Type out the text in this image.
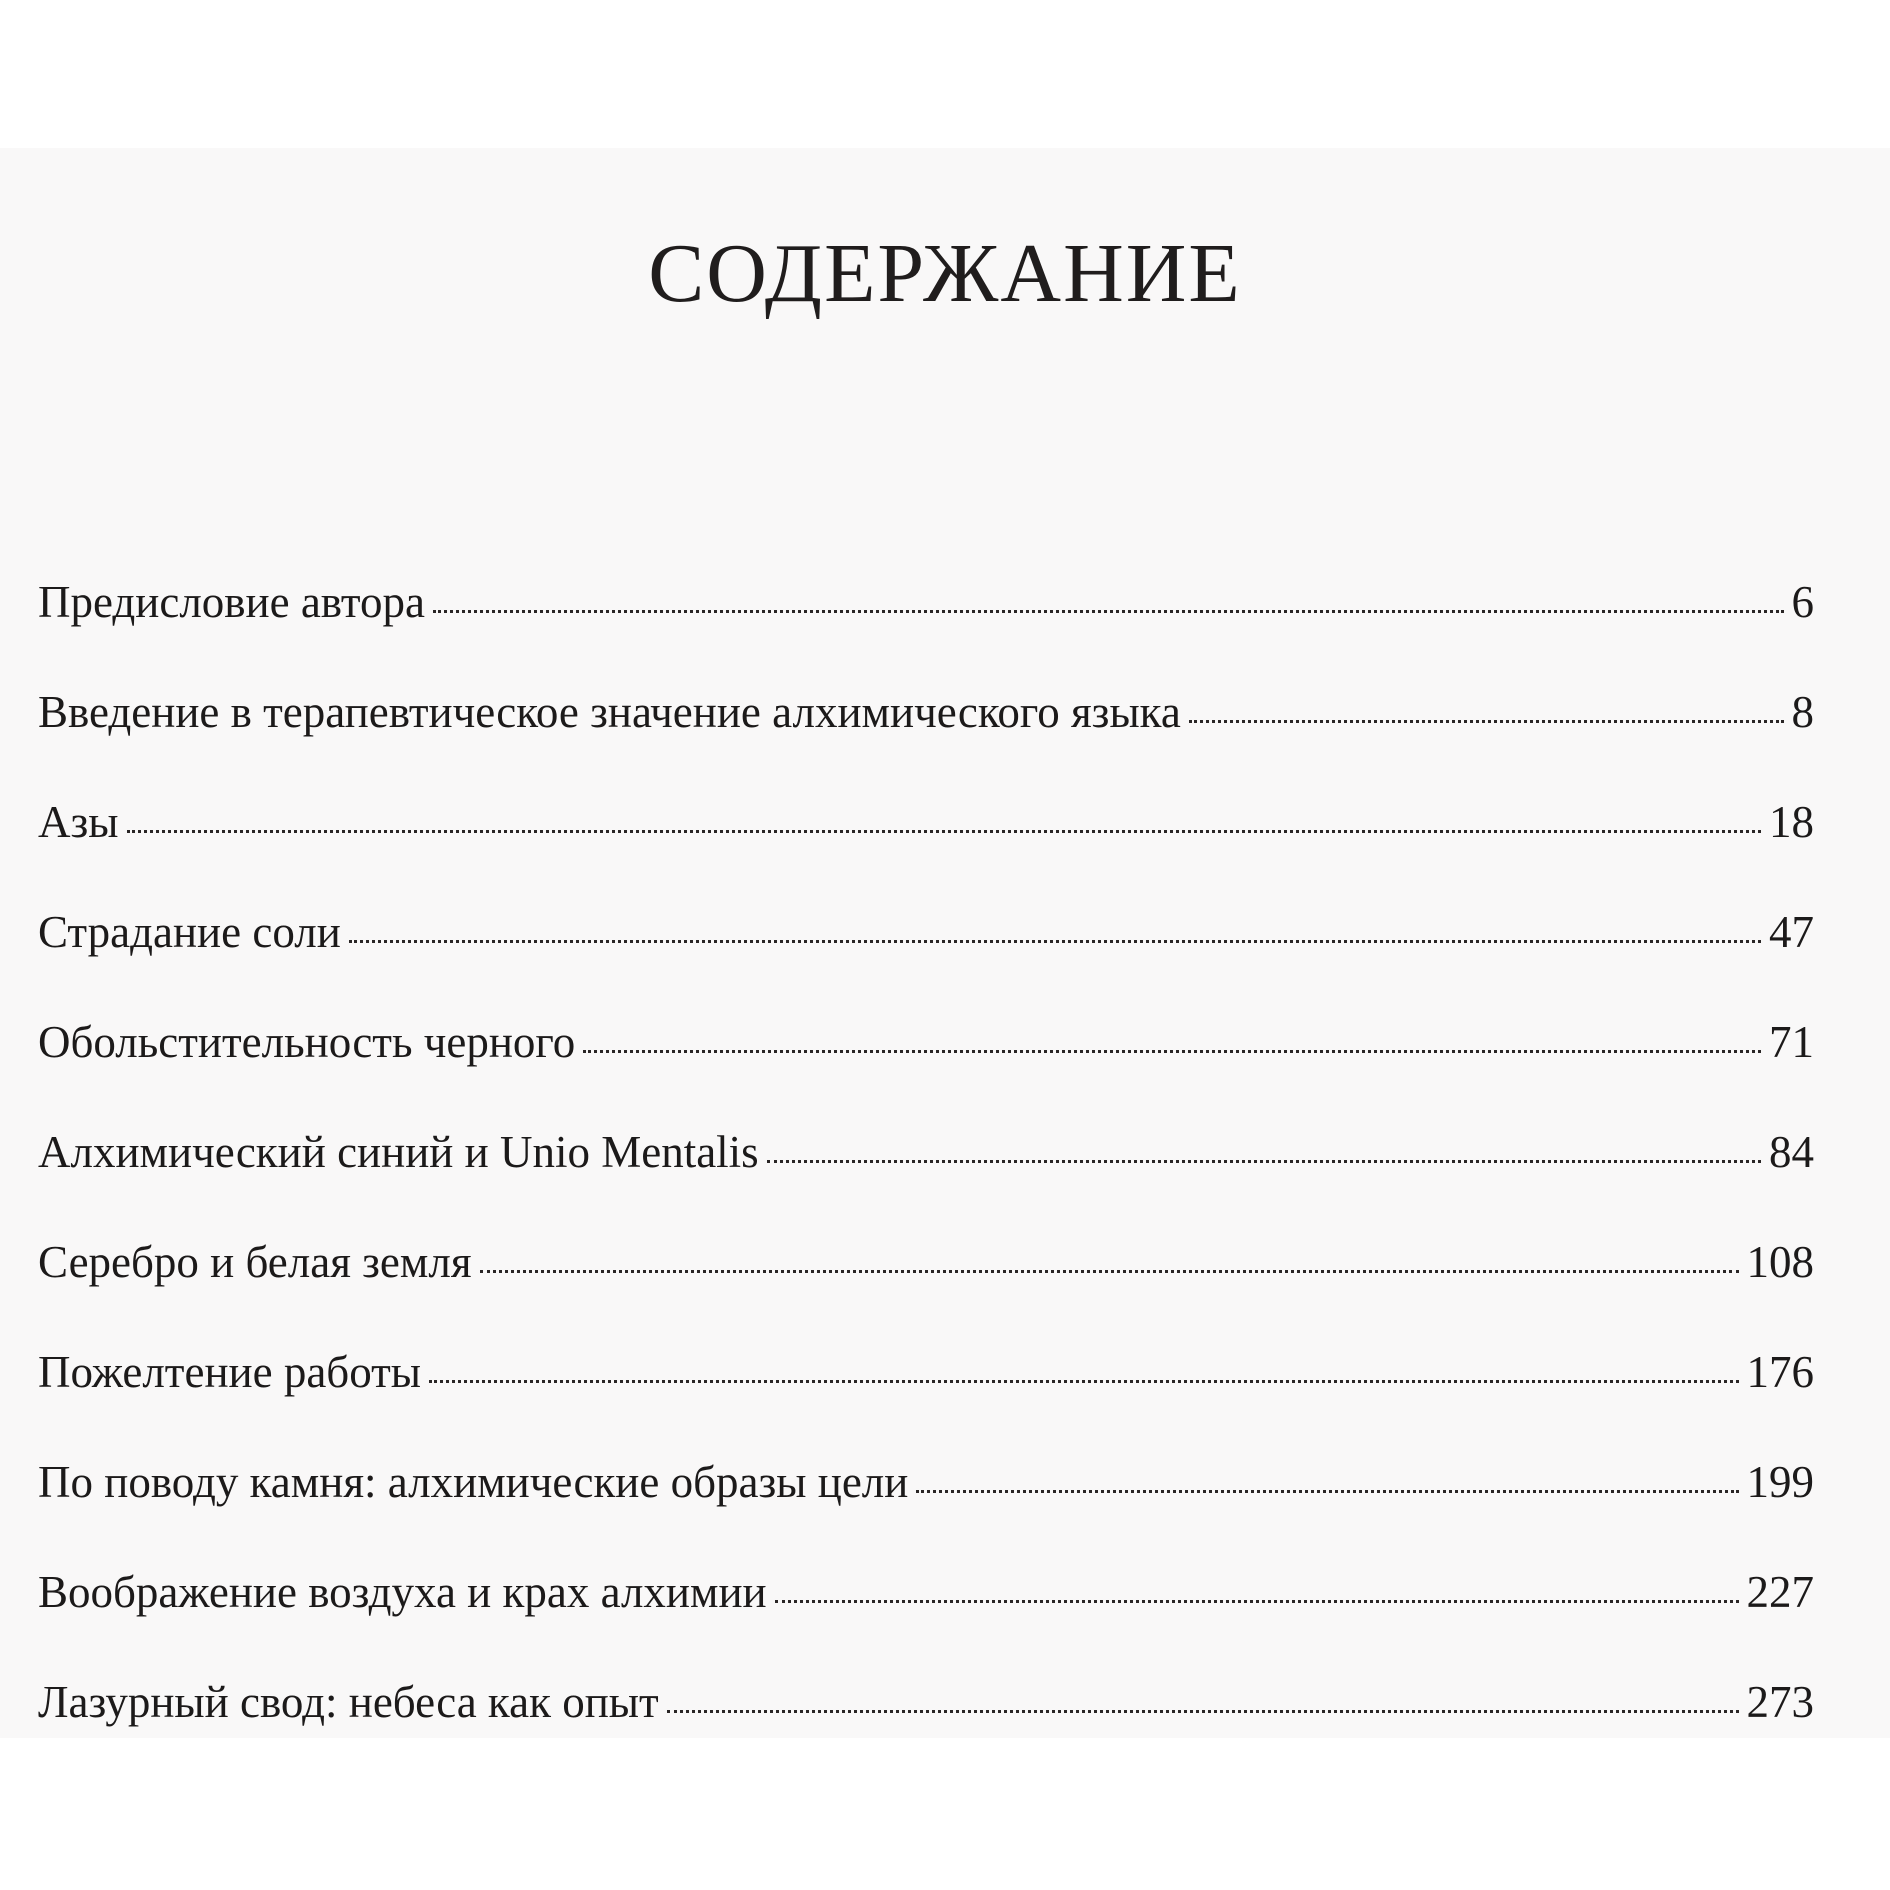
СОДЕРЖАНИЕ
Предисловие автора	6
Введение в терапевтическое значение алхимического языка	8
Азы	18
Страдание соли	47
Обольстительность черного	71
Алхимический синий и Unio Mentalis	84
Серебро и белая земля	108
Пожелтение работы	176
По поводу камня: алхимические образы цели	199
Воображение воздуха и крах алхимии	227
Лазурный свод: небеса как опыт	273
